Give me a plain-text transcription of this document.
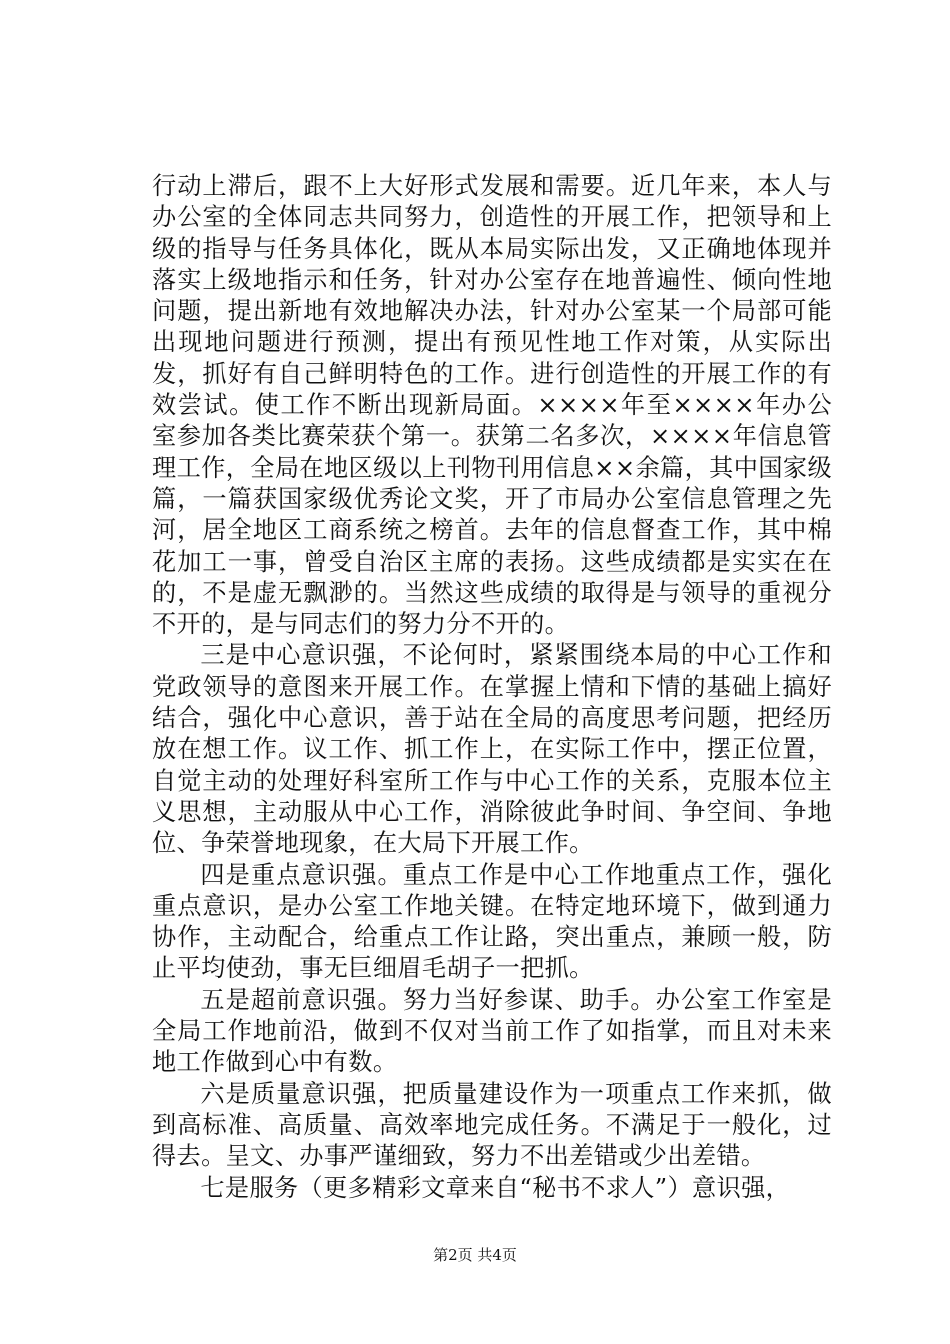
行动上滞后，跟不上大好形式发展和需要。近几年来，本人与办公室的全体同志共同努力，创造性的开展工作，把领导和上级的指导与任务具体化，既从本局实际出发，又正确地体现并落实上级地指示和任务，针对办公室存在地普遍性、倾向性地问题，提出新地有效地解决办法，针对办公室某一个局部可能出现地问题进行预测，提出有预见性地工作对策，从实际出发，抓好有自己鲜明特色的工作。进行创造性的开展工作的有效尝试。使工作不断出现新局面。××××年至××××年办公室参加各类比赛荣获个第一。获第二名多次，××××年信息管理工作，全局在地区级以上刊物刊用信息××余篇，其中国家级篇，一篇获国家级优秀论文奖，开了市局办公室信息管理之先河，居全地区工商系统之榜首。去年的信息督查工作，其中棉花加工一事，曾受自治区主席的表扬。这些成绩都是实实在在的，不是虚无飘渺的。当然这些成绩的取得是与领导的重视分不开的，是与同志们的努力分不开的。

三是中心意识强，不论何时，紧紧围绕本局的中心工作和党政领导的意图来开展工作。在掌握上情和下情的基础上搞好结合，强化中心意识，善于站在全局的高度思考问题，把经历放在想工作。议工作、抓工作上，在实际工作中，摆正位置，自觉主动的处理好科室所工作与中心工作的关系，克服本位主义思想，主动服从中心工作，消除彼此争时间、争空间、争地位、争荣誉地现象，在大局下开展工作。

四是重点意识强。重点工作是中心工作地重点工作，强化重点意识，是办公室工作地关键。在特定地环境下，做到通力协作，主动配合，给重点工作让路，突出重点，兼顾一般，防止平均使劲，事无巨细眉毛胡子一把抓。

五是超前意识强。努力当好参谋、助手。办公室工作室是全局工作地前沿，做到不仅对当前工作了如指掌，而且对未来地工作做到心中有数。

六是质量意识强，把质量建设作为一项重点工作来抓，做到高标准、高质量、高效率地完成任务。不满足于一般化，过得去。呈文、办事严谨细致，努力不出差错或少出差错。

七是服务（更多精彩文章来自“秘书不求人”）意识强，

第2页 共4页
